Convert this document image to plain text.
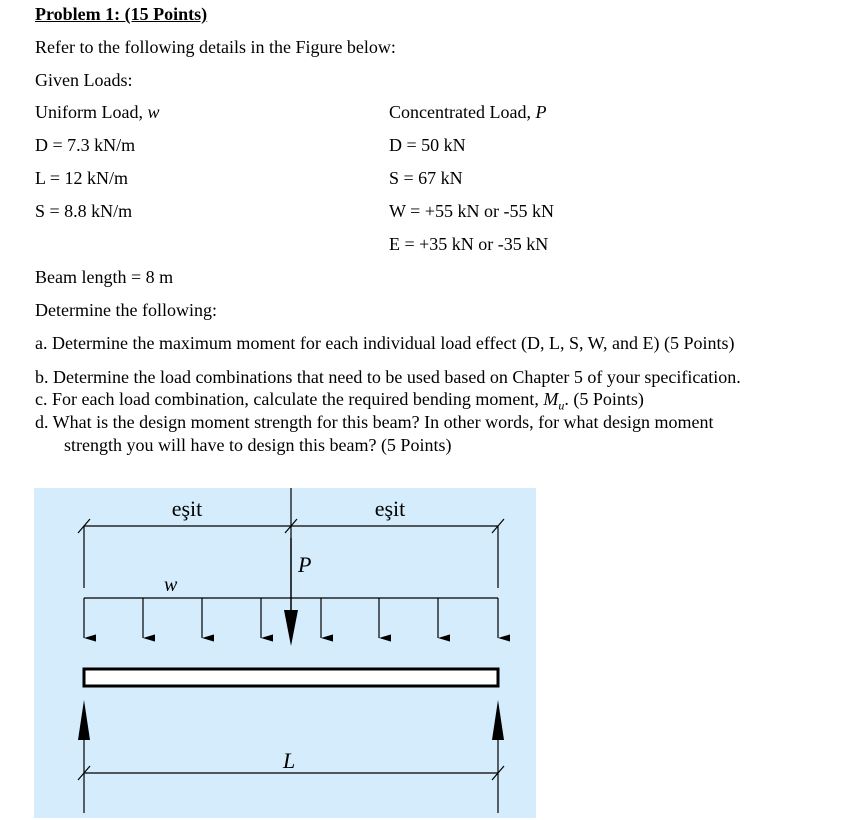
Problem 1: (15 Points)
Refer to the following details in the Figure below:
Given Loads:
Uniform Load, w
D = 7.3 kN/m
L = 12 kN/m
S = 8.8 kN/m
Concentrated Load, P
D = 50 kN
S = 67 kN
W = +55 kN or -55 kN
E = +35 kN or -35 kN
Beam length = 8 m
Determine the following:
a. Determine the maximum moment for each individual load effect (D, L, S, W, and E) (5 Points)
b. Determine the load combinations that need to be used based on Chapter 5 of your specification.
c. For each load combination, calculate the required bending moment, $M_u$. (5 Points)
d. What is the design moment strength for this beam? In other words, for what design moment
strength you will have to design this beam? (5 Points)
eşit	eşit
P
w
L
